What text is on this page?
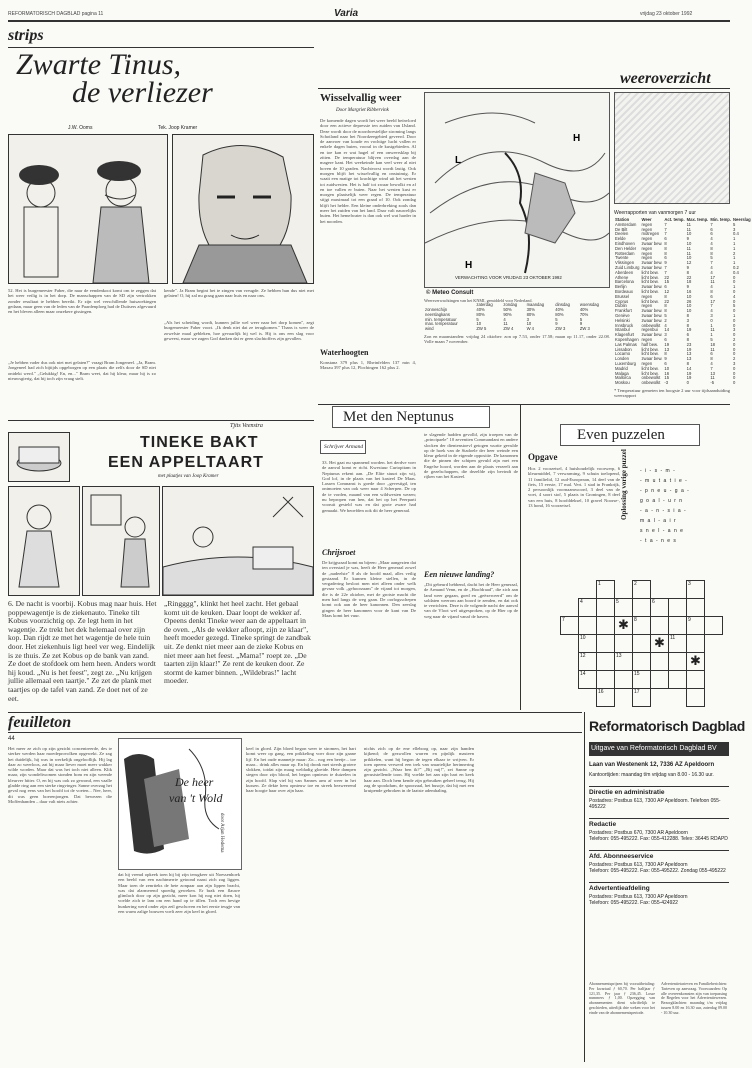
REFORMATORISCH DAGBLAD pagina 11	Varia	vrijdag 23 oktober 1992
strips
Zwarte Tinus,
de verliezer
J.W. Ooms	Tek. Joop Kramer
52. Het is burgemeester Faber, die naar de eendenkooi komt om te zeggen dat het weer veilig is in het dorp. De manschappen van de SD zijn vertrokken zonder resultaat te hebben bereikt. Er zijn wel verschillende huiszoekingen gedaan, maar geen van de leden van de Paardenploeg had de Duitsers afgevuurd en het bleven alleen maar onzekere gissingen.
„Je hebben vader dus ook niet met gelaten?" vraagt Bram Jongeneel. „Ja, Bram. Jongeneel had zich bijtijds opgeborgen op een plaats die zelfs door de SD niet ontdekt werd." „Gelukkig! En, en..." Bram weet, dat hij kleur, maar hij is zo nieuwsgierig, dat hij toch zijn vraag stelt.
kende". Ja Bram begint het te zingen van vreugde. Ze hebben hun dus niet met gelaten! O, hij zal nu graag gaan naar huis en naar ons.
„Als het scheiding wordt, kunnen jullie wel weer naar het dorp komen", zegt burgemeester Faber voort. „Ik denk niet dat ze terugkomen." Thans is weer de zowelste maal gebleken, hoe gevaarlijk hij wel is. Hij is ons een slag voor geweest, maar we zagen God danken dat er geen slachtoffers zijn gevallen.
Tjits Veenstra
TINEKE BAKT
EEN APPELTAART
met plaatjes van Joop Kramer
6. De nacht is voorbij. Kobus mag naar huis. Het poppewagentje is de ziekenauto. Tineke tilt Kobus voorzichtig op. Ze legt hem in het wagentje. Ze trekt het dek helemaal over zijn kop. Dan rijdt ze met het wagentje de hele tuin door. Het ziekenhuis ligt heel ver weg. Eindelijk is ze thuis. Ze zet Kobus op de bank van zand. Ze doet de stofdoek om hem heen. Anders wordt hij koud. „Nu is het feest", zegt ze. „Nu krijgen jullie allemaal een taartje." Ze zet de plank met taartjes op de tafel van zand. Ze doet net of ze eet.
„Ringggg", klinkt het heel zacht. Het gebaal komt uit de keuken. Daar loopt de wekker af. Opeens denkt Tineke weer aan de appeltaart in de oven. „Als de wekker afloopt, zijn ze klaar", heeft moeder gezegd. Tineke springt de zandbak uit. Ze denkt niet meer aan de zieke Kobus en niet meer aan het feest. „Mama!" roept ze. „De taarten zijn klaar!" Ze rent de keuken door. Ze stormt de kamer binnen. „Wildebras!" lacht moeder.
feuilleton
44
Het meer ze zich op zijn gezicht concentreerde, des te sterker werden haar moedeprovolken opgewekt. Ze zag het duidelijk, hij was in werkelijk ongelooflijk. Hij lag daar zo weerloos, zat hij maar liever moet meer wakker wilde worden. Maar dat was het toch niet alleen. Klik maar, zijn wondeltwomen stonden bom en zijn weende kleurver hitter. O, en hij was ook zo gewond, een vaalle gladde ring aan een sterke ringvinger. Sanne overzag het geval nog eens van het hoofd tot de voeten... Nee, heer, dit was geen boerenjongen. Dat bewezen die Moffenhanden – daar valt niets achter.
De heer
van 't Wold
door Arjan Hedema
dat hij vremd opkeek toen hij bij zijn terugkeer uit Noessenhoek een beeld van een nachtmerrie getoond naast zich zag liggen. Maar toen de zenrtieks de hete zonpaar aan zijn lippen bracht, was dat alarmerend spoedig geweken. Er brak een flauwe glimlach door op zijn gezicht, meer kon hij nog niet doen, hij voelde zich te lam om een hand op te tillen. Toch een hevige hunkering werd onder zijn zeil geschoven en het eerste teugje van een warm zalige bouwen voelt zeer zijn keel in gloed.
keel in gloed. Zijn bloed begon weer te stromen, het hart komt weer op gang, een prikkeling voer door zijn gaane lijf. En het oude mannetje maar: Zo... nog een beetje... toe maar... drink alles maar op. En hij dronk met steeds grotere slokken, totdat zijn maag weldadig gloeide. Hete dampen stegen door zijn blood, het begon opnieuw te duizelen in zijn hoofd. Slap viel hij van Sannes arm af weer in het kussen. Ze dekte hem opnieuw toe en streek bezweerend haar hoogte haar over zijn haar.
nichts zich op de ene elleboog op, naar zijn handen kijkend; de gezwollen warren en pijnlijk masteen prikkelen, want hij begon de tegen elkaar te wrijven. Er toen opeens verwerd een trek van smartelijke herinnering zijn gezicht. „Waar ben ik?" „Bij mij!", zei Sanne op geruststellende toon. Hij voelde het aan zijn hart en keek haar aan. Doch hem kende zijn gebruiken geheel terug. Hij zag de spookdum, de spoorzaal, het busoje, dat hij met een kruipende gebroken in de laatste ademhaling.
Wisselvallig weer
Door Margriet Ribbervink
De komende dagen wordt het weer beeld beïnvloed door een actieve depressie ten zuiden van IJsland. Deze wordt door de noordwestelijke stroming langs Schotland naar het Noordzeegebied geveerd. Door de aanvoer van koude en vochtige lucht vallen er enkele dagen buien, vooral in de kustgebieden. Al en toe kan er wat hagel of een onweersklap bij zitten. De temperatuur blijven overdag aan de magere kant. Het weekeinde kan veel weer al niet boven de 10 graden. Nachtvorst wordt lastig. Ook morgen blijft het wisselvallig en onstuimig. Er waait een matige tot krachtige wind uit het westen tot zuidwesten. Het is half tot zwaar bewolkt en af en toe vallen er buien. Naar het westen kust er morgen plaatselijk weer regen. De temperatuur stijgt maximaal tot een graad of 10. Ook zondag blijft het helder. Een kleine onderbreking zoals dan meer het zuiden van het land. Daar valt nauwelijks buien. Het hemelwater is dan ook wel wat harder in het noorden.
Waterhoogten
Konstanz 379 plus 1, Rheinfelden 137 min 4, Maxau 397 plus 12, Plochingen 162 plus 2.
weeroverzicht
L
H
H
VERWACHTING VOOR VRIJDAG 23 OKTOBER 1992
© Meteo Consult
Weerrapporten van vanmorgen 7 uur
Weersverwachtingen van het KNMI, gemiddeld voor Nederland.
	zaterdag	zondag	maandag	dinsdag	woensdag
zonneschijn	40%	50%	30%	40%	40%
neerslagkans	80%	90%	80%	80%	70%
min. temperatuur	5	4	3	5	5
max. temperatuur	10	11	10	9	9
wind	ZW 5	ZW 4	W 4	ZW 3	ZW 3
Zon en maanstanden: vrijdag 24 oktober: zon op 7.53, onder 17.58; maan op 11.17, onder 22.08. Volle maan 7 november.
Station	Weer	Act. temp.	Max. temp.	Min. temp.	Neerslag
Amsterdam	regen	7	11	7	5
De Bilt	regen	7	11	6	3
Deelen	motregen	7	10	6	0.4
Eelde	regen	6	9	4	1
Eindhoven	zwaar bew.	8	10	4	1
Den Helder	regen	8	11	8	1
Rotterdam	regen	8	11	8	2
Twente	regen	6	10	5	1
Vlissingen	zwaar bew.	9	12	7	1
Zuid Limburg	zwaar bew.	7	9	4	0.2
Aberdeen	licht bew.	7	8	4	0.4
Athene	licht bew.	22	22	17	0
Barcelona	licht bew.	15	18	11	0
Berlijn	zwaar bew.	6	9	4	1
Bordeaux	licht bew.	12	16	8	0
Brussel	regen	8	10	6	4
Cyprus	licht bew.	22	26	17	0
Dublin	regen	8	10	7	5
Frankfurt	zwaar bew.	8	10	4	0
Genève	zwaar bew.	5	8	3	1
Helsinki	zwaar bew.	2	3	0	0
Innsbruck	onbewolkt	4	8	1	0
Istanbul	regenbui	14	19	11	3
Klagenfurt	zwaar bew.	3	6	1	0
Kopenhagen	regen	6	8	5	2
Las Palmas	half bew.	19	23	18	0
Lissabon	licht bew.	13	19	11	0
Locarno	licht bew.	8	13	6	0
Londen	zwaar bew.	9	13	8	2
Luxemburg	regen	6	8	4	3
Madrid	licht bew.	10	14	7	0
Malaga	licht bew.	16	19	13	0
Mallorca	onbewolkt	15	19	11	0
Moskou	onbewolkt	-3	0	-5	0
* Temperatuur gemeten ten hoogste 2 uur voor tijdsaanduiding weerrapport
Met den Neptunus
Schrijver Armand
33. Het gaat nu spannend worden. het derdve voer de aanval komt er richt. Kwestuur Curtopitam in Neptunus rekent aan. „De Elite stuurt zijn wij, God lof, in de plaats van het kasteel De Maas. Lassen Comnanst is goede door „gevestigd, ten ontmoeten van ook weer naar 4 Scherpen. De op de te vorden, maand van een wildwesten wezen; nu bepropen van hen, dat het op het Peerparti vooruit gesteld was en dat grote zware had gemaakt. We beoefden ook dit de heer generaal.
Chrijsroet
De krijgsraad komt nu bijeen: „Maar aangezien dat ten overstad je was, heeft de Heer generaal zowel de „nadeelste" 8 als de hoofd maal, alles veilig gestaand. Er kunnen kleine stellen, in de vergadering besloot men niet alleen onder welk gevaar volk „gehoorzaam" de vijand tot morgen, die is de 22e oktober, met de grotste macht die men had langs de weg gaan. De oorlogsschepen komt ook aan de heer kanonnen. Den zeeslag gingen de heer kanonnen voor de kant van De Maas komt het vuur.
te slagende hadden gevolld, zijn troepen van de „principaele" 10 zeventien Commandant en andere slocken der dientenstoevl getogen wurtte gevulde op de hoek van de Stadoele der heer weinde een kleur gekeid in de eigende oppositie. De kanonnen die de pinnen der schipen gevuld zijn met een Engelse hoord, worden aan de plaats verzeelt aan de gezelschappen, die dezelfde zijn bevindt de rijken van het Kasteel.
Een nieuwe landing?
„Dit gebeurd hebbend, dacht het de Heer generaal, de Armand Venn, en de „Hoofdraad", die zich aan land weer gegaan, goed en „geëxerceerd" om de soldaten weerom aan boord te zenden, en dat ook te verrichten. Deze is de volgende nacht der aanval van de Vloot wel uitgesproken, op de Hier op de weg naar de vijand vanaf de haven.
Even puzzelen
Opgave
Hor. 2 voorzetsel, 4 huishoudelijk voorwerp, 6 kleurmiddel, 7 verwarming, 9 schuin toelopend, 11 familielid, 12 oud-Europeaan, 14 deel van de fiets, 15 eerste, 17 mal. Vert. 1 stad in Frankrijk, 2 persoonlijk voornaamwoord, 3 deel van de voet, 4 soort stof, 5 plaats in Groningen, 8 deel van een huis, 8 hoofddeksel, 10 gravel Noorse-, 13 hond, 16 voorzetsel.	Oplossing vorige puzzel - i - s - m -
- m u t a t i e -
- p n e u - g a -
g o a l - u r n
- a - n - s i a -
m a l - a i r
s n e l - a n e
- t a - n e s

		1		2			3	

	4		5		6			

7			✱	8			9	

	10				✱	11		

	12		13				✱	

	14			15				

		16		17				

Reformatorisch Dagblad
Uitgave van Reformatorisch Dagblad BV
Laan van Westenenk 12, 7336 AZ Apeldoorn
Kantoortijden: maandag t/m vrijdag van 8.00 - 16.30 uur.
Directie en administratie
Postadres: Postbus 613, 7300 AP Apeldoorn. Telefoon 055-495222
Redactie
Postadres: Postbus 670, 7300 AR Apeldoorn
Telefoon: 055-495222. Fax: 055-412288. Telex: 36445 RDAPD
Afd. Abonneeservice
Postadres: Postbus 613, 7300 AP Apeldoorn
Telefoon: 055-495222. Fax: 055-495222. Zondag 055-495222
Advertentieafdeling
Postadres: Postbus 613, 7300 AP Apeldoorn
Telefoon: 055-495222. Fax: 055-424922
Abonnementsprijzen bij vooruitbetaling: Per kwartaal ƒ 60,70. Per halfjaar ƒ 121,35. Per jaar ƒ 236,45. Losse nummers ƒ 1,00. Opzegging van abonnementen dient schriftelijk te geschieden, uiterlijk drie weken voor het einde van de abonnementsperiode.
Advertentietarieven en Familieberichten: Tarieven op aanvraag. Voorwaarden: Op alle overeenkomsten zijn van toepassing de Regelen voor het Advertentiewezen. Bezorgklachten: maandag t/m vrijdag tussen 8.00 en 16.30 uur, zaterdag 09.00 - 10.30 uur.
